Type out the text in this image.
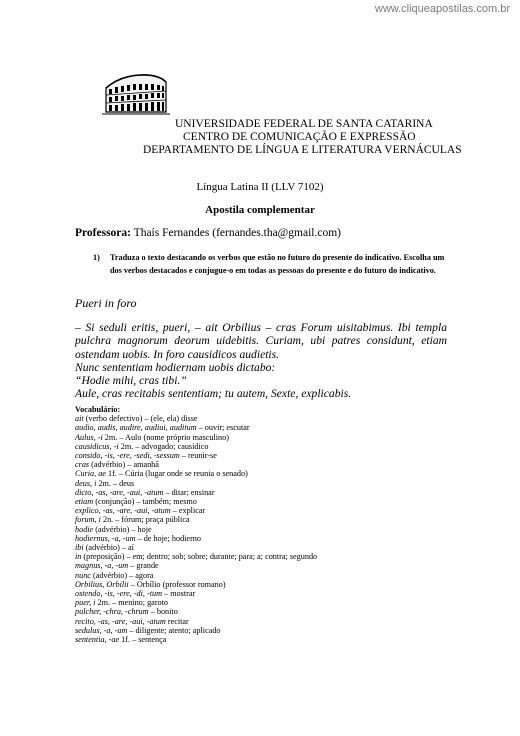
www.cliqueapostilas.com.br
UNIVERSIDADE FEDERAL DE SANTA CATARINA
CENTRO DE COMUNICAÇÃO E EXPRESSÃO
DEPARTAMENTO DE LÍNGUA E LITERATURA VERNÁCULAS
Língua Latina II (LLV 7102)
Apostila complementar
Professora: Thaís Fernandes (fernandes.tha@gmail.com)
1) Traduza o texto destacando os verbos que estão no futuro do presente do indicativo. Escolha um dos verbos destacados e conjugue-o em todas as pessoas do presente e do futuro do indicativo.
Pueri in foro

– Si seduli eritis, pueri, – ait Orbilius – cras Forum uisitabimus. Ibi templa pulchra magnorum deorum uidebitis. Curiam, ubi patres considunt, etiam ostendam uobis. In foro causidicos audietis.

Nunc sententiam hodiernam uobis dictabo:

“Hodie mihi, cras tibi.”

Aule, cras recitabis sententiam; tu autem, Sexte, explicabis.

Vocabulário:
ait (verbo defectivo) – (ele, ela) disse
audio, audis, audire, audiui, auditum – ouvir; escutar
Aulus, -i 2m. – Aulo (nome próprio masculino)
causidicus, -i 2m. – advogado; causídico
consido, -is, -ere, -sedi, -sessum – reunir-se
cras (advérbio) – amanhã
Curia, ae 1f. – Cúria (lugar onde se reunia o senado)
deus, i 2m. – deus
dicto, -as, -are, -aui, -atum – ditar; ensinar
etiam (conjunção) – também; mesmo
explico, -as, -are, -aui, -atum – explicar
forum, i 2n. – fórum; praça pública
hodie (advérbio) – hoje
hodiernus, -a, -um – de hoje; hodierno
ibi (advérbio) – aí
in (preposição) – em; dentro; sob; sobre; durante; para; a; contra; segundo
magnus, -a, -um – grande
nunc (advérbio) – agora
Orbilius, Orbilii – Orbílio (professor romano)
ostendo, -is, -ere, -di, -tum – mostrar
puer, i 2m. – menino; garoto
pulcher, -chra, -chrum – bonito
recito, -as, -are, -aui, -atum recitar
sedulus, -a, -um – diligente; atento; aplicado
sententia, -ae 1f. – sentença
